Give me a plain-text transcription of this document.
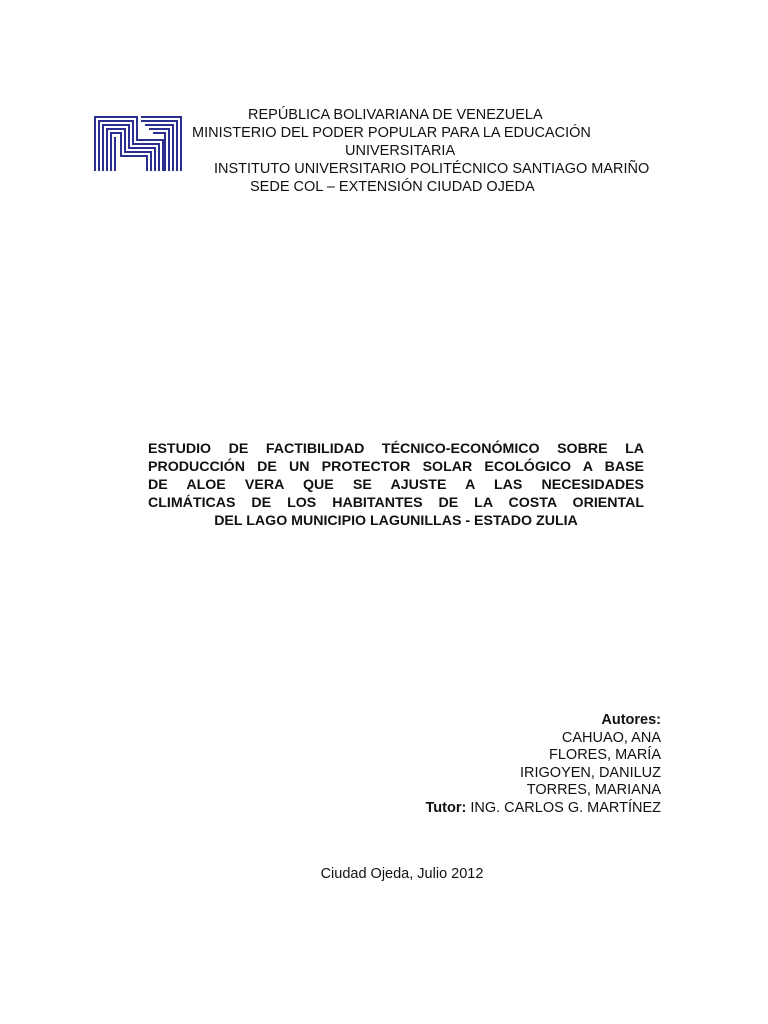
REPÚBLICA BOLIVARIANA DE VENEZUELA
MINISTERIO DEL PODER POPULAR PARA LA EDUCACIÓN
UNIVERSITARIA
INSTITUTO UNIVERSITARIO POLITÉCNICO SANTIAGO MARIÑO
SEDE COL – EXTENSIÓN CIUDAD OJEDA
ESTUDIO DE FACTIBILIDAD TÉCNICO-ECONÓMICO SOBRE LA
PRODUCCIÓN DE UN PROTECTOR SOLAR ECOLÓGICO A BASE
DE ALOE VERA QUE SE AJUSTE A LAS NECESIDADES
CLIMÁTICAS DE LOS HABITANTES DE LA COSTA ORIENTAL
DEL LAGO MUNICIPIO LAGUNILLAS - ESTADO ZULIA
Autores:
CAHUAO, ANA
FLORES, MARÍA
IRIGOYEN, DANILUZ
TORRES, MARIANA
Tutor: ING. CARLOS G. MARTÍNEZ
Ciudad Ojeda, Julio 2012
